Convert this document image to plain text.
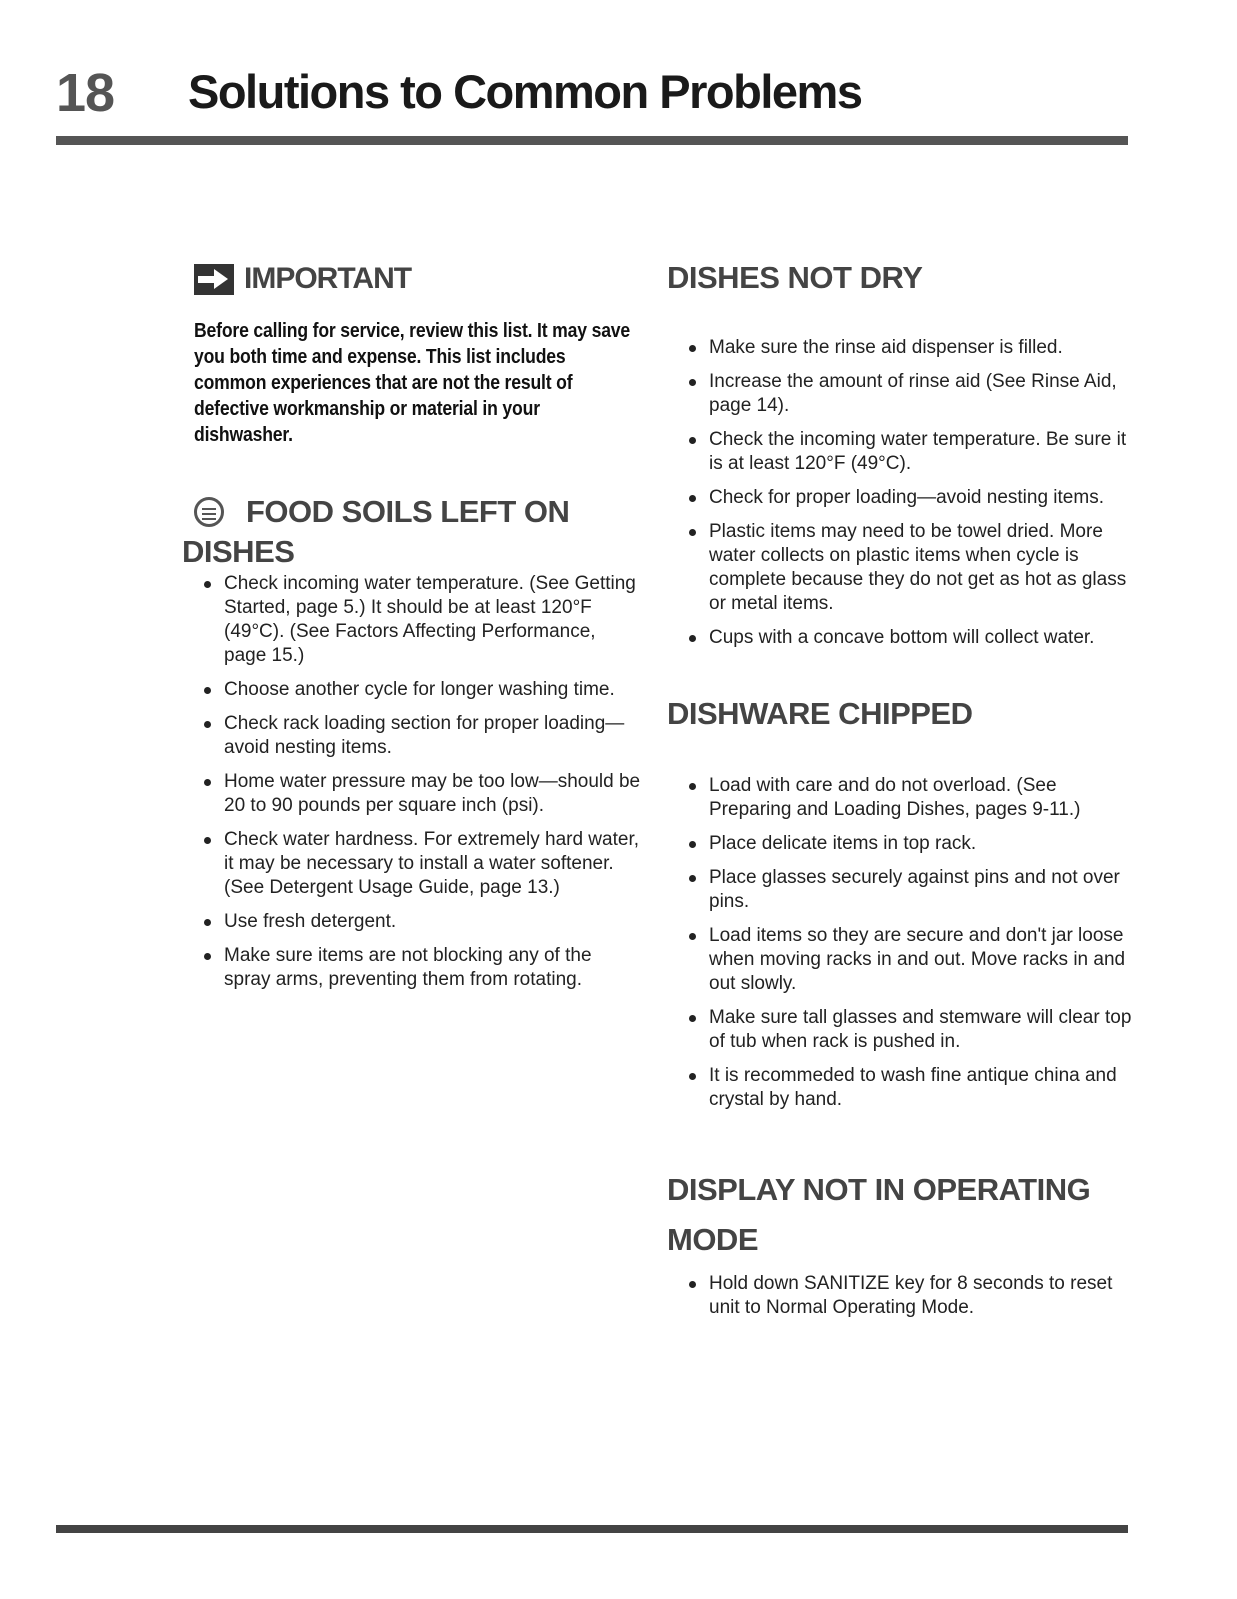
18 Solutions to Common Problems
IMPORTANT
Before calling for service, review this list. It may save you both time and expense. This list includes common experiences that are not the result of defective workmanship or material in your dishwasher.
FOOD SOILS LEFT ON
DISHES
Check incoming water temperature. (See Getting Started, page 5.) It should be at least 120°F (49°C). (See Factors Affecting Performance, page 15.)
Choose another cycle for longer washing time.
Check rack loading section for proper loading—avoid nesting items.
Home water pressure may be too low—should be 20 to 90 pounds per square inch (psi).
Check water hardness. For extremely hard water, it may be necessary to install a water softener. (See Detergent Usage Guide, page 13.)
Use fresh detergent.
Make sure items are not blocking any of the spray arms, preventing them from rotating.
DISHES NOT DRY
Make sure the rinse aid dispenser is filled.
Increase the amount of rinse aid (See Rinse Aid, page 14).
Check the incoming water temperature. Be sure it is at least 120°F (49°C).
Check for proper loading—avoid nesting items.
Plastic items may need to be towel dried. More water collects on plastic items when cycle is complete because they do not get as hot as glass or metal items.
Cups with a concave bottom will collect water.
DISHWARE CHIPPED
Load with care and do not overload. (See Preparing and Loading Dishes, pages 9-11.)
Place delicate items in top rack.
Place glasses securely against pins and not over pins.
Load items so they are secure and don't jar loose when moving racks in and out. Move racks in and out slowly.
Make sure tall glasses and stemware will clear top of tub when rack is pushed in.
It is recommeded to wash fine antique china and crystal by hand.
DISPLAY NOT IN OPERATING
MODE
Hold down SANITIZE key for 8 seconds to reset unit to Normal Operating Mode.
